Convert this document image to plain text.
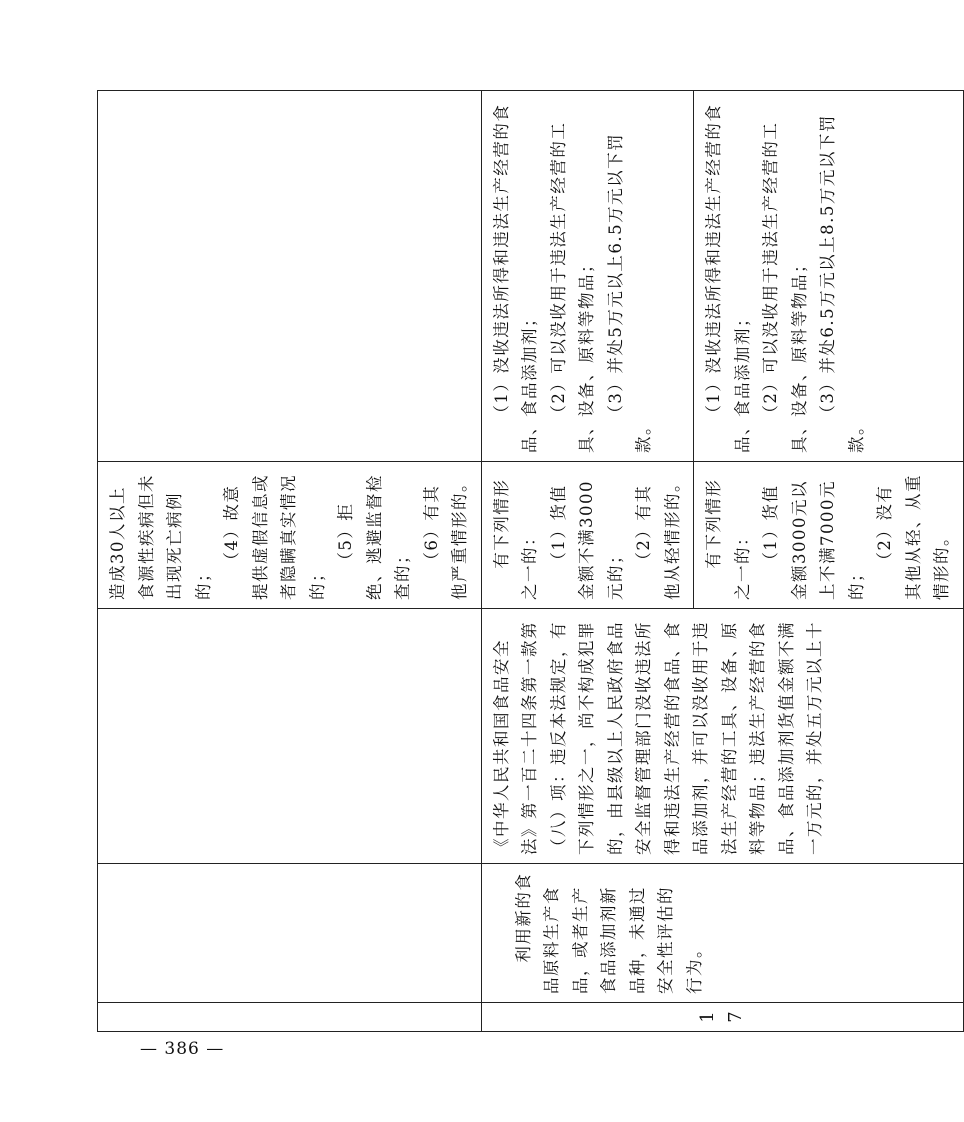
			造成30人以上食源性疾病但未出现死亡病例的；
（4）故意提供虚假信息或者隐瞒真实情况的；
（5）拒绝、逃避监督检查的；
（6）有其他严重情形的。	

17	利用新的食品原料生产食品，或者生产食品添加剂新品种，未通过安全性评估的行为。	《中华人民共和国食品安全法》第一百二十四条第一款第（八）项：违反本法规定，有下列情形之一，尚不构成犯罪的，由县级以上人民政府食品安全监督管理部门没收违法所得和违法生产经营的食品、食品添加剂，并可以没收用于违法生产经营的工具、设备、原料等物品；违法生产经营的食品、食品添加剂货值金额不满一万元的，并处五万元以上十	有下列情形之一的： （1）货值金额不满3000元的；
（2）有其他从轻情形的。	（1）没收违法所得和违法生产经营的食品、食品添加剂； （2）可以没收用于违法生产经营的工具、设备、原料等物品； （3）并处5万元以上6.5万元以下罚款。

			有下列情形之一的： （1）货值金额3000元以上不满7000元的；
（2）没有其他从轻、从重情形的。	（1）没收违法所得和违法生产经营的食品、食品添加剂； （2）可以没收用于违法生产经营的工具、设备、原料等物品； （3）并处6.5万元以上8.5万元以下罚款。
— 386 —
